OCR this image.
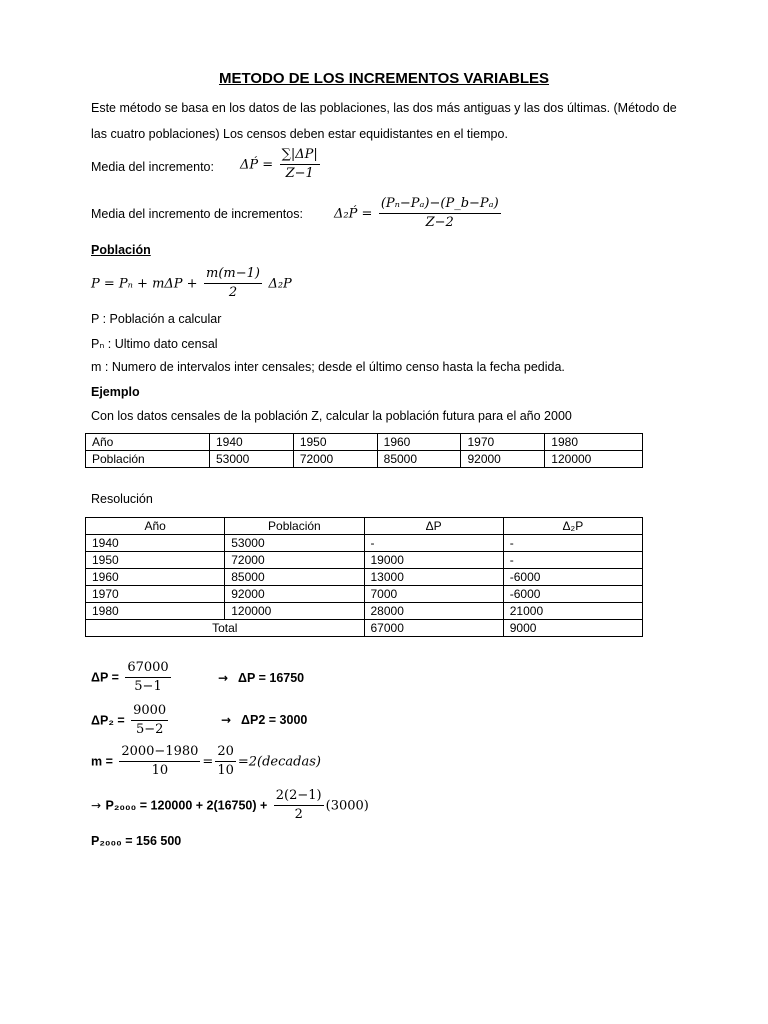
METODO DE LOS INCREMENTOS VARIABLES
Este método se basa en los datos de las poblaciones, las dos más antiguas y las dos últimas. (Método de las cuatro poblaciones) Los censos deben estar equidistantes en el tiempo.
Media del incremento: ΔṔ = $\frac{\sum|\Delta P|}{Z-1}$
Media del incremento de incrementos: Δ₂Ṕ = $\frac{\text{(Pₙ−Pₐ)−(P\_b−Pₐ)}}{Z-2}$
Población
$P = P_n + m\Delta P + \frac{m(m-1)}{2} \Delta_2P$
P : Población a calcular
Pₙ : Ultimo dato censal
m : Numero de intervalos inter censales; desde el último censo hasta la fecha pedida.
Ejemplo
Con los datos censales de la población Z, calcular la población futura para el año 2000
Año	1940	1950	1960	1970	1980
Población	53000	72000	85000	92000	120000
Resolución
Año	Población	ΔP	Δ₂P
1940	53000	-	-
1950	72000	19000	-
1960	85000	13000	-6000
1970	92000	7000	-6000
1980	120000	28000	21000
Total		67000	9000
$\Delta P = \frac{67000}{5-1}$	→ ΔP = 16750
$\Delta P_2 = \frac{9000}{5-2}$	→ ΔP2 = 3000
$m = \frac{2000-1980}{10} = \frac{20}{10}$ =2(decadas)
→ $P_{2000} = 120000 + 2(16750) + \frac{2(2-1)}{2} (3000)$
P₂₀₀₀ = 156 500
